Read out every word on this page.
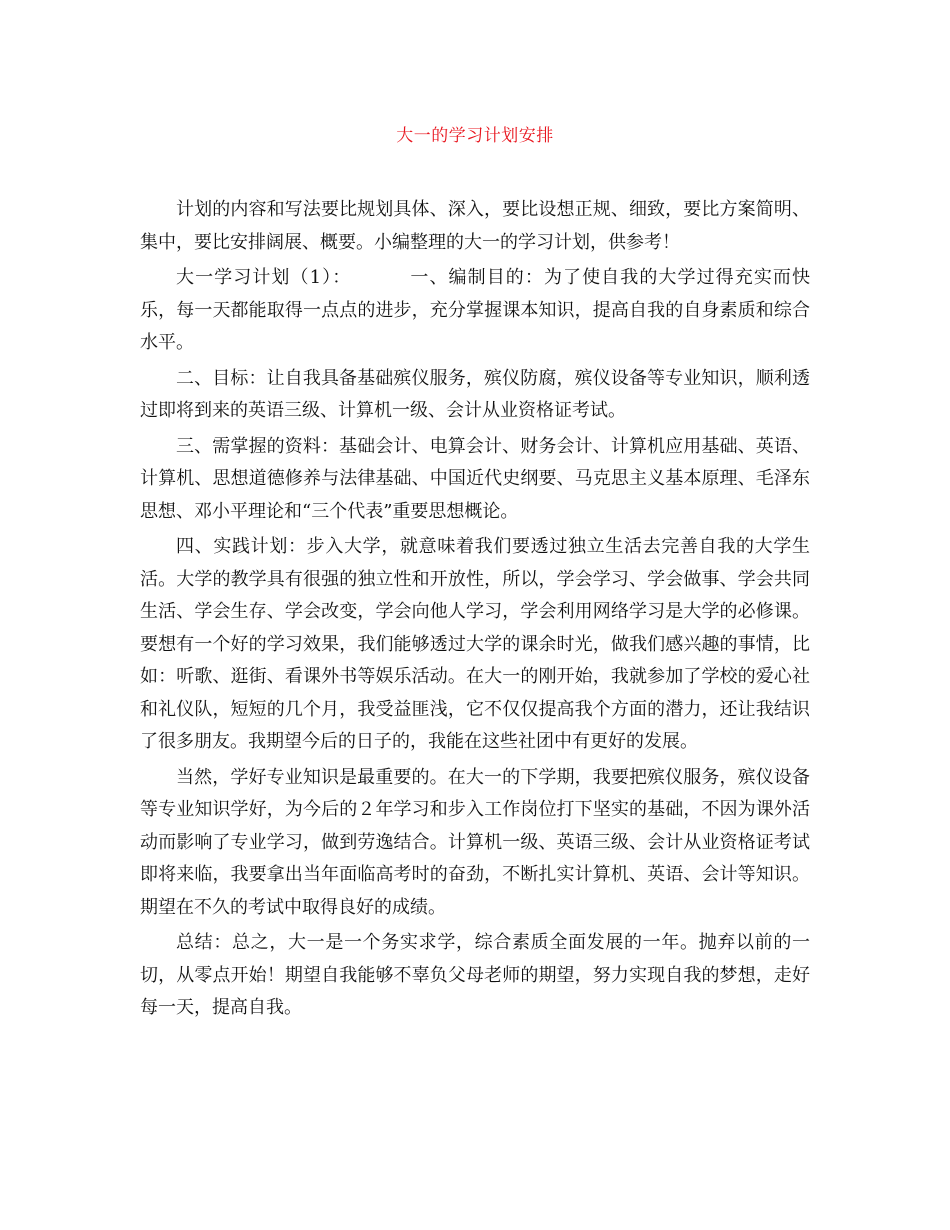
大一的学习计划安排

计划的内容和写法要比规划具体、深入，要比设想正规、细致，要比方案简明、集中，要比安排阔展、概要。小编整理的大一的学习计划，供参考！

大一学习计划（1）：	一、编制目的：为了使自我的大学过得充实而快乐，每一天都能取得一点点的进步，充分掌握课本知识，提高自我的自身素质和综合水平。

二、目标：让自我具备基础殡仪服务，殡仪防腐，殡仪设备等专业知识，顺利透过即将到来的英语三级、计算机一级、会计从业资格证考试。

三、需掌握的资料：基础会计、电算会计、财务会计、计算机应用基础、英语、计算机、思想道德修养与法律基础、中国近代史纲要、马克思主义基本原理、毛泽东思想、邓小平理论和“三个代表”重要思想概论。

四、实践计划：步入大学，就意味着我们要透过独立生活去完善自我的大学生活。大学的教学具有很强的独立性和开放性，所以，学会学习、学会做事、学会共同生活、学会生存、学会改变，学会向他人学习，学会利用网络学习是大学的必修课。要想有一个好的学习效果，我们能够透过大学的课余时光，做我们感兴趣的事情，比如：听歌、逛街、看课外书等娱乐活动。在大一的刚开始，我就参加了学校的爱心社和礼仪队，短短的几个月，我受益匪浅，它不仅仅提高我个方面的潜力，还让我结识了很多朋友。我期望今后的日子的，我能在这些社团中有更好的发展。

当然，学好专业知识是最重要的。在大一的下学期，我要把殡仪服务，殡仪设备等专业知识学好，为今后的２年学习和步入工作岗位打下坚实的基础，不因为课外活动而影响了专业学习，做到劳逸结合。计算机一级、英语三级、会计从业资格证考试即将来临，我要拿出当年面临高考时的奋劲，不断扎实计算机、英语、会计等知识。期望在不久的考试中取得良好的成绩。

总结：总之，大一是一个务实求学，综合素质全面发展的一年。抛弃以前的一切，从零点开始！期望自我能够不辜负父母老师的期望，努力实现自我的梦想，走好每一天，提高自我。
